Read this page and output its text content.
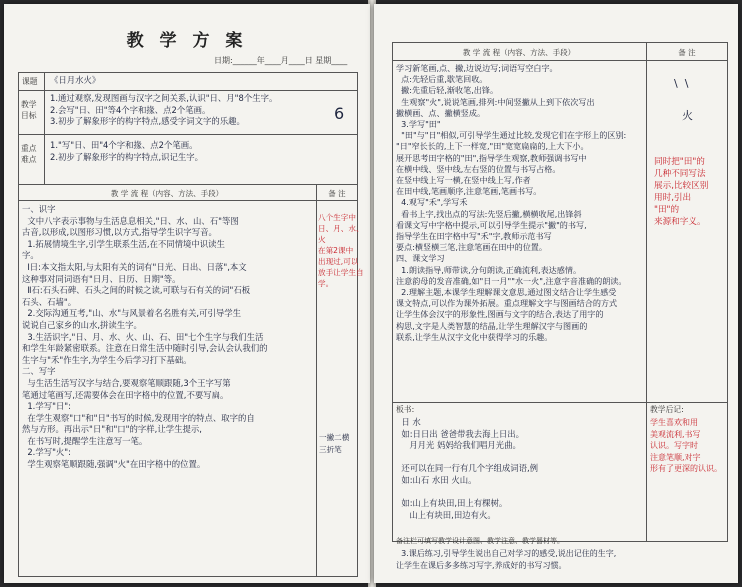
教 学 方 案
日期:______年____月____日 星期____
课题 《日月水火》
教学
目标
1.通过观察,发现图画与汉字之间关系,认识"日、月"8个生字。
2.会写"日、田"等4个字和掾、点2个笔画。
3.初步了解象形字的构字特点,感受字词文字的乐趣。	6
重点
难点
1."写"日、田"4个字和掾、点2个笔画。
2.初步了解象形字的构字特点,识记生字。
教 学 流 程（内容、方法、手段）	备 注
一、识字
文中八字表示事物与生活息息相关,"日、水、山、石"等图
古音,以形成,以图形习惯,以方式,指导学生识字写音。
1.拓展情境生字,引学生联系生活,在不同情境中识读生
字。
Ⅰ日:本文指太阳,与太阳有关的词有"日光、日出、日落",本文
这种事对同词语有"日月、日历、日期"等。
Ⅱ石:石头石碑、石头之间的时候之读,可联与石有关的词"石板
石头、石墙"。
2.交际沟通互考,"山、水"与风景着名名胜有关,可引导学生
说说自己家乡的山水,拼读生字。
3.生活识字,"日、月、水、火、山、石、田"七个生字与我们生活
和学生年龄紧密联系。注意在日常生活中随时引导,会认会认我们的
生字与"禾"作生字,为学生今后学习打下基础。
二、写字
与生活生活写汉字与结合,要观察笔顺跟随,3个王字写第
笔通过笔画写,还需要体会在田字格中的位置,不要写扁。
1.学写"日":
在学生观察"口"和"日"书写的时候,发现用字的特点、取字的自
然与方形。再出示"日"和"口"的字样,让学生提示,
在书写时,提醒学生注意写一笔。
2.学写"火":
学生观察笔顺跟随,强调"火"在田字格中的位置。
八个生字中
日、月、水、火
在第2课中
出现过,可以
放手让学生自学。
一撇二横
三折笔
教 学 流 程（内容、方法、手段）	备 注
学习新笔画,点、撇,边说边写;词语写空白字。
点:先轻后重,歇笔回收。
撇:先重后轻,渐收笔,出锋。
生观察"火",说说笔画,排列:中间竖撇从上到下依次写出
撇横画、点、撇横竖成。
3.学写"田"
"田"与"日"相似,可引导学生通过比较,发现它们在字形上的区别:
"日"窄长长的,上下一样宽,"田"宽宽扁扁的,上大下小。
展开思考田字格的"田",指导学生观察,教师强调书写中
在横中线、竖中线,左右竖的位置与书写占格。
在竖中线上写一横,在竖中线上写,作者
在田中线,笔画顺序,注意笔画,笔画书写。
4.观写"禾",学写禾
看书上字,找出点的写法:先竖后撇,横横收尾,出锋斜
看课文写中字格中提示,可以引导学生提示"撇"的书写,
指导学生在田字格中写"禾"字,教师示范书写
要点:横竖横三笔,注意笔画在田中的位置。
四、课文学习
1.朗读指导,师带读,分句朗读,正确流利,表达感情。
注意韵母的发音准确,如"日一月""水一火",注意字音准确的朗读。
2.理解主题,本课学生理解课文意思,通过图文结合让学生感受
课文特点,可以作为课外拓展。重点理解文字与图画结合的方式
让学生体会汉字的形象性,图画与文字的结合,表达了用字的
构思,文字是人类智慧的结晶,让学生理解汉字与图画的
联系,让学生从汉字文化中获得学习的乐趣。
\  \
火
同时把"田"的
几种不同写法
展示,比较区别
用时,引出
"田"的
来源和字义。
板书:
日 水
如:日日出 爸爸带我去海上日出。
月月光 妈妈给我们唱月光曲。

还可以在同一行有几个字组成词语,例
如:山石 水田 火山。

如:山上有块田,田上有棵树。
山上有块田,田边有火。
教学后记:
学生喜欢和用
美观流利,书写
认识。写字时
注意笔顺,对字
形有了更深的认识。
备注栏可填写教学设计意图、教学注意、教学器材等。
3.课后练习,引导学生说出自己对学习的感受,说出记住的生字,
让学生在课后多多练习写字,养成好的书写习惯。
